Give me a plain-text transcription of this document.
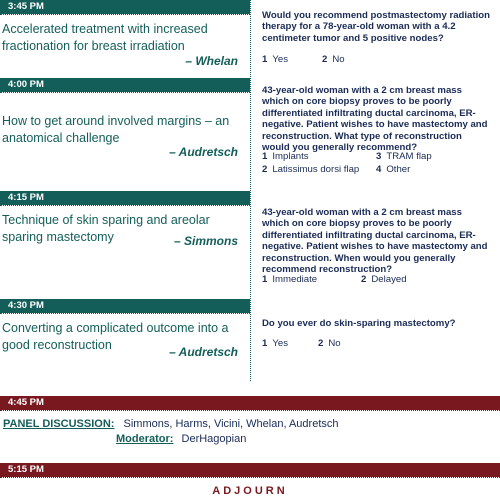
3:45 PM
Accelerated treatment with increased fractionation for breast irradiation
– Whelan
Would you recommend postmastectomy radiation therapy for a 78-year-old woman with a 4.2 centimeter tumor and 5 positive nodes?
1 Yes	2 No
4:00 PM
How to get around involved margins – an anatomical challenge
– Audretsch
43-year-old woman with a 2 cm breast mass which on core biopsy proves to be poorly differentiated infiltrating ductal carcinoma, ER-negative. Patient wishes to have mastectomy and reconstruction. What type of reconstruction would you generally recommend?
1 Implants	3 TRAM flap
2 Latissimus dorsi flap 4 Other
4:15 PM
Technique of skin sparing and areolar sparing mastectomy	– Simmons
43-year-old woman with a 2 cm breast mass which on core biopsy proves to be poorly differentiated infiltrating ductal carcinoma, ER-negative. Patient wishes to have mastectomy and reconstruction. When would you generally recommend reconstruction?
1 Immediate	2 Delayed
4:30 PM
Converting a complicated outcome into a good reconstruction	– Audretsch
Do you ever do skin-sparing mastectomy?
1 Yes	2 No
4:45 PM
PANEL DISCUSSION: Simmons, Harms, Vicini, Whelan, Audretsch
Moderator: DerHagopian
5:15 PM
ADJOURN
